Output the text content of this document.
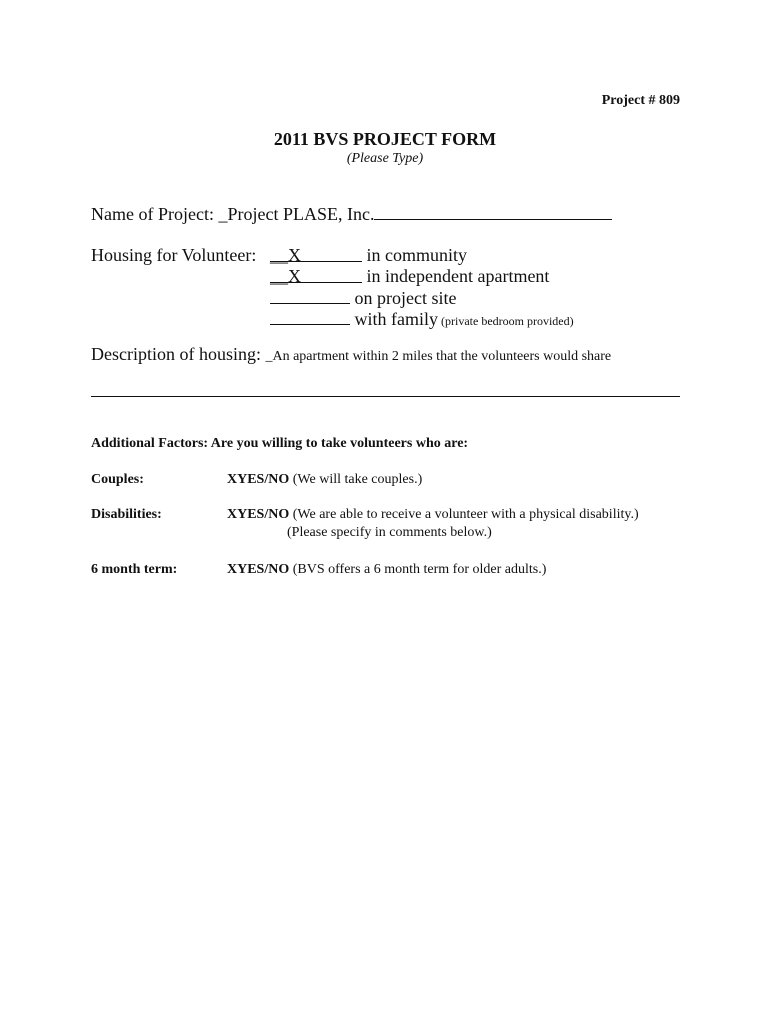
Project # 809
2011 BVS PROJECT FORM
(Please Type)
Name of Project: _Project PLASE, Inc.
Housing for Volunteer: __X	in community
__X	in independent apartment
on project site
with family (private bedroom provided)
Description of housing: _An apartment within 2 miles that the volunteers would share
Additional Factors: Are you willing to take volunteers who are:
Couples:	XYES/NO (We will take couples.)
Disabilities:	XYES/NO (We are able to receive a volunteer with a physical disability.)
(Please specify in comments below.)
6 month term:	XYES/NO (BVS offers a 6 month term for older adults.)
